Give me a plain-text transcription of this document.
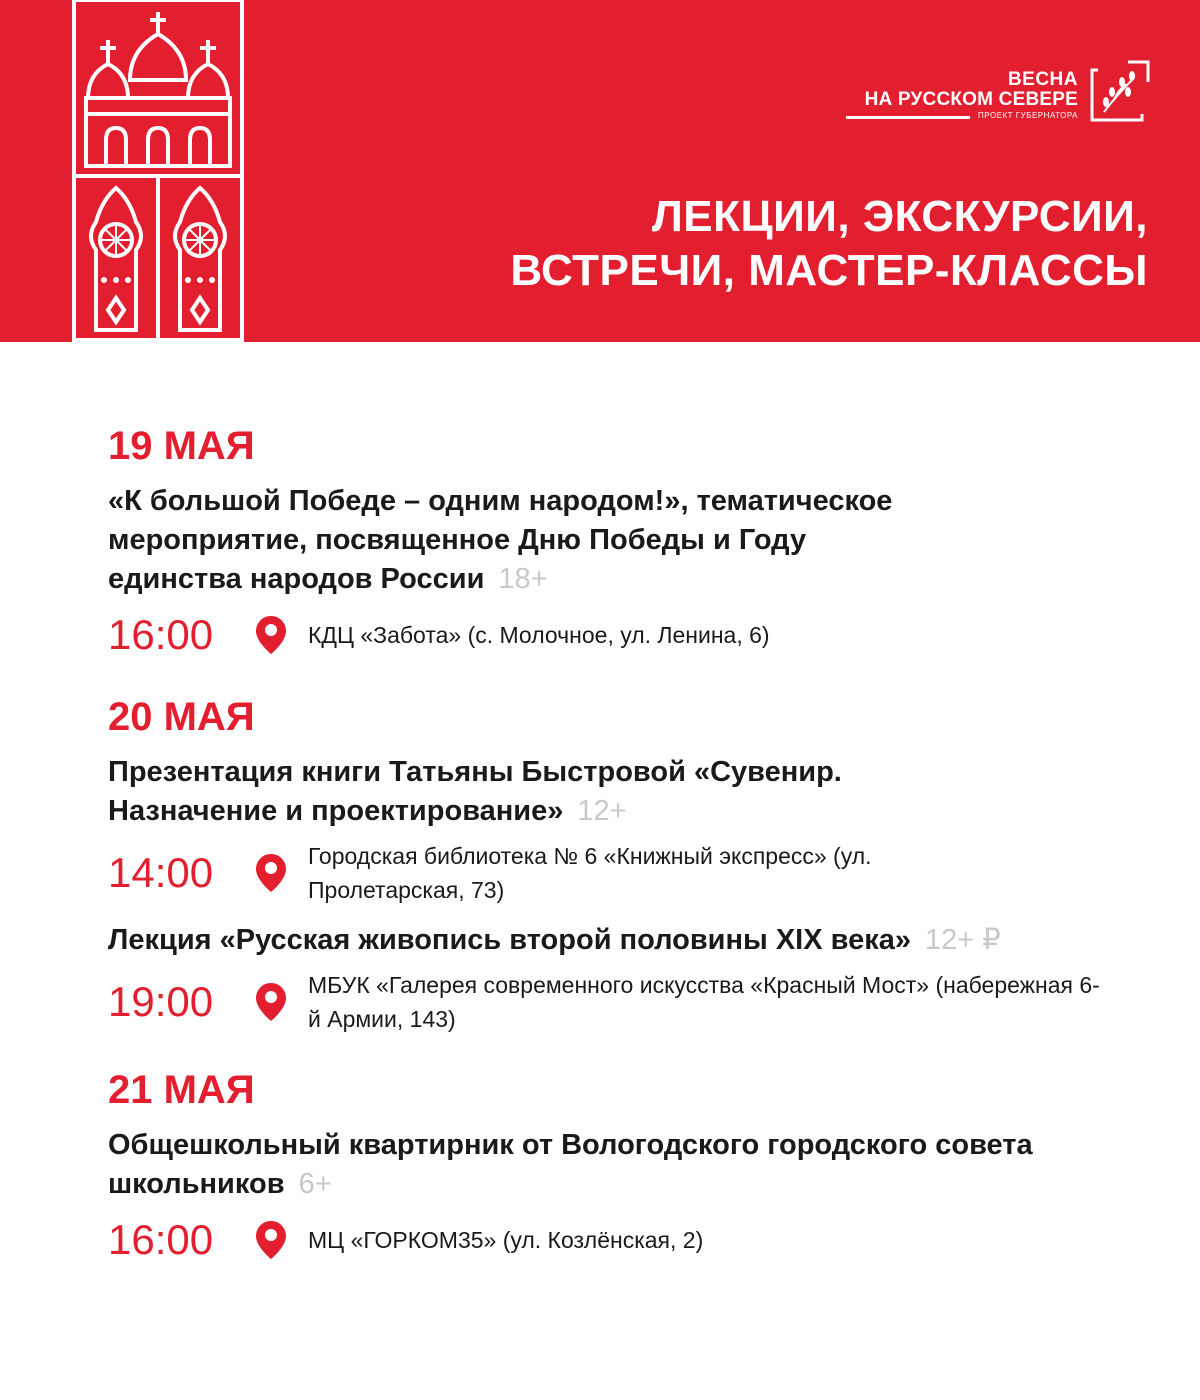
ВЕСНА
НА РУССКОМ СЕВЕРЕ
ПРОЕКТ ГУБЕРНАТОРА
ЛЕКЦИИ, ЭКСКУРСИИ,
ВСТРЕЧИ, МАСТЕР-КЛАССЫ
19 МАЯ
«К большой Победе – одним народом!», тематическое мероприятие, посвященное Дню Победы и Году единства народов России 18+
16:00	КДЦ «Забота» (с. Молочное, ул. Ленина, 6)
20 МАЯ
Презентация книги Татьяны Быстровой «Сувенир. Назначение и проектирование» 12+
14:00	Городская библиотека № 6 «Книжный экспресс» (ул. Пролетарская, 73)
Лекция «Русская живопись второй половины XIX века» 12+ ₽
19:00	МБУК «Галерея современного искусства «Красный Мост» (набережная 6-й Армии, 143)
21 МАЯ
Общешкольный квартирник от Вологодского городского совета школьников 6+
16:00	МЦ «ГОРКОМ35» (ул. Козлёнская, 2)
